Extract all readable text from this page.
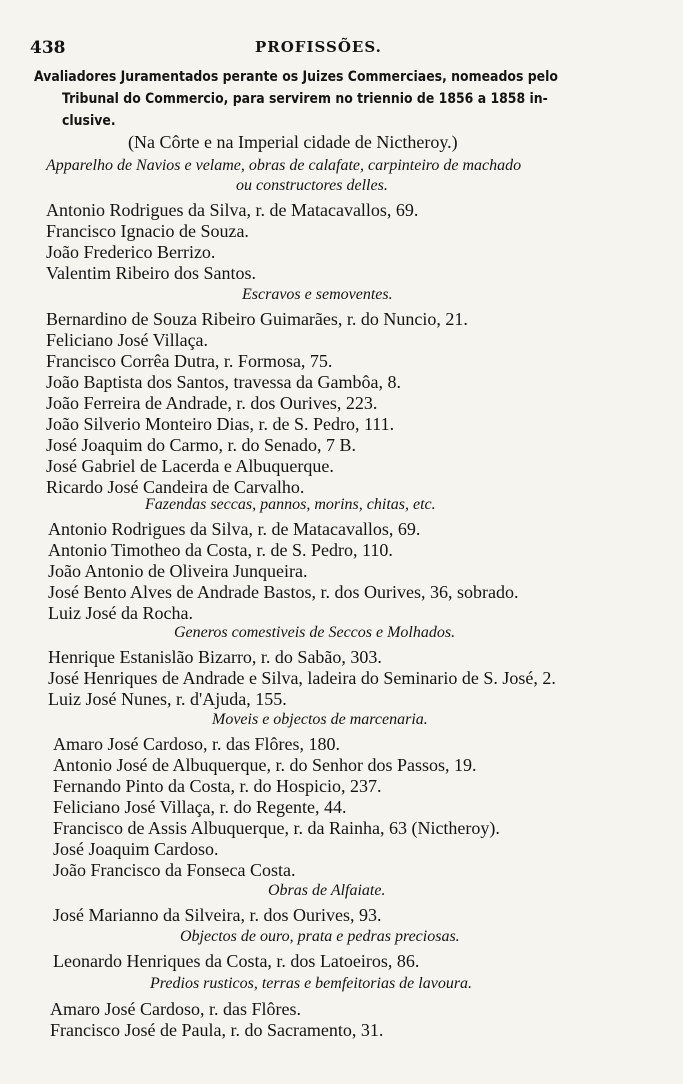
438	PROFISSÕES.
Avaliadores Juramentados perante os Juizes Commerciaes, nomeados pelo
Tribunal do Commercio, para servirem no triennio de 1856 a 1858 in-
clusive.
(Na Côrte e na Imperial cidade de Nictheroy.)
Apparelho de Navios e velame, obras de calafate, carpinteiro de machado
ou constructores delles.
Antonio Rodrigues da Silva, r. de Matacavallos, 69.
Francisco Ignacio de Souza.
João Frederico Berrizo.
Valentim Ribeiro dos Santos.
Escravos e semoventes.
Bernardino de Souza Ribeiro Guimarães, r. do Nuncio, 21.
Feliciano José Villaça.
Francisco Corrêa Dutra, r. Formosa, 75.
João Baptista dos Santos, travessa da Gambôa, 8.
João Ferreira de Andrade, r. dos Ourives, 223.
João Silverio Monteiro Dias, r. de S. Pedro, 111.
José Joaquim do Carmo, r. do Senado, 7 B.
José Gabriel de Lacerda e Albuquerque.
Ricardo José Candeira de Carvalho.
Fazendas seccas, pannos, morins, chitas, etc.
Antonio Rodrigues da Silva, r. de Matacavallos, 69.
Antonio Timotheo da Costa, r. de S. Pedro, 110.
João Antonio de Oliveira Junqueira.
José Bento Alves de Andrade Bastos, r. dos Ourives, 36, sobrado.
Luiz José da Rocha.
Generos comestiveis de Seccos e Molhados.
Henrique Estanislão Bizarro, r. do Sabão, 303.
José Henriques de Andrade e Silva, ladeira do Seminario de S. José, 2.
Luiz José Nunes, r. d'Ajuda, 155.
Moveis e objectos de marcenaria.
Amaro José Cardoso, r. das Flôres, 180.
Antonio José de Albuquerque, r. do Senhor dos Passos, 19.
Fernando Pinto da Costa, r. do Hospicio, 237.
Feliciano José Villaça, r. do Regente, 44.
Francisco de Assis Albuquerque, r. da Rainha, 63 (Nictheroy).
José Joaquim Cardoso.
João Francisco da Fonseca Costa.
Obras de Alfaiate.
José Marianno da Silveira, r. dos Ourives, 93.
Objectos de ouro, prata e pedras preciosas.
Leonardo Henriques da Costa, r. dos Latoeiros, 86.
Predios rusticos, terras e bemfeitorias de lavoura.
Amaro José Cardoso, r. das Flôres.
Francisco José de Paula, r. do Sacramento, 31.
